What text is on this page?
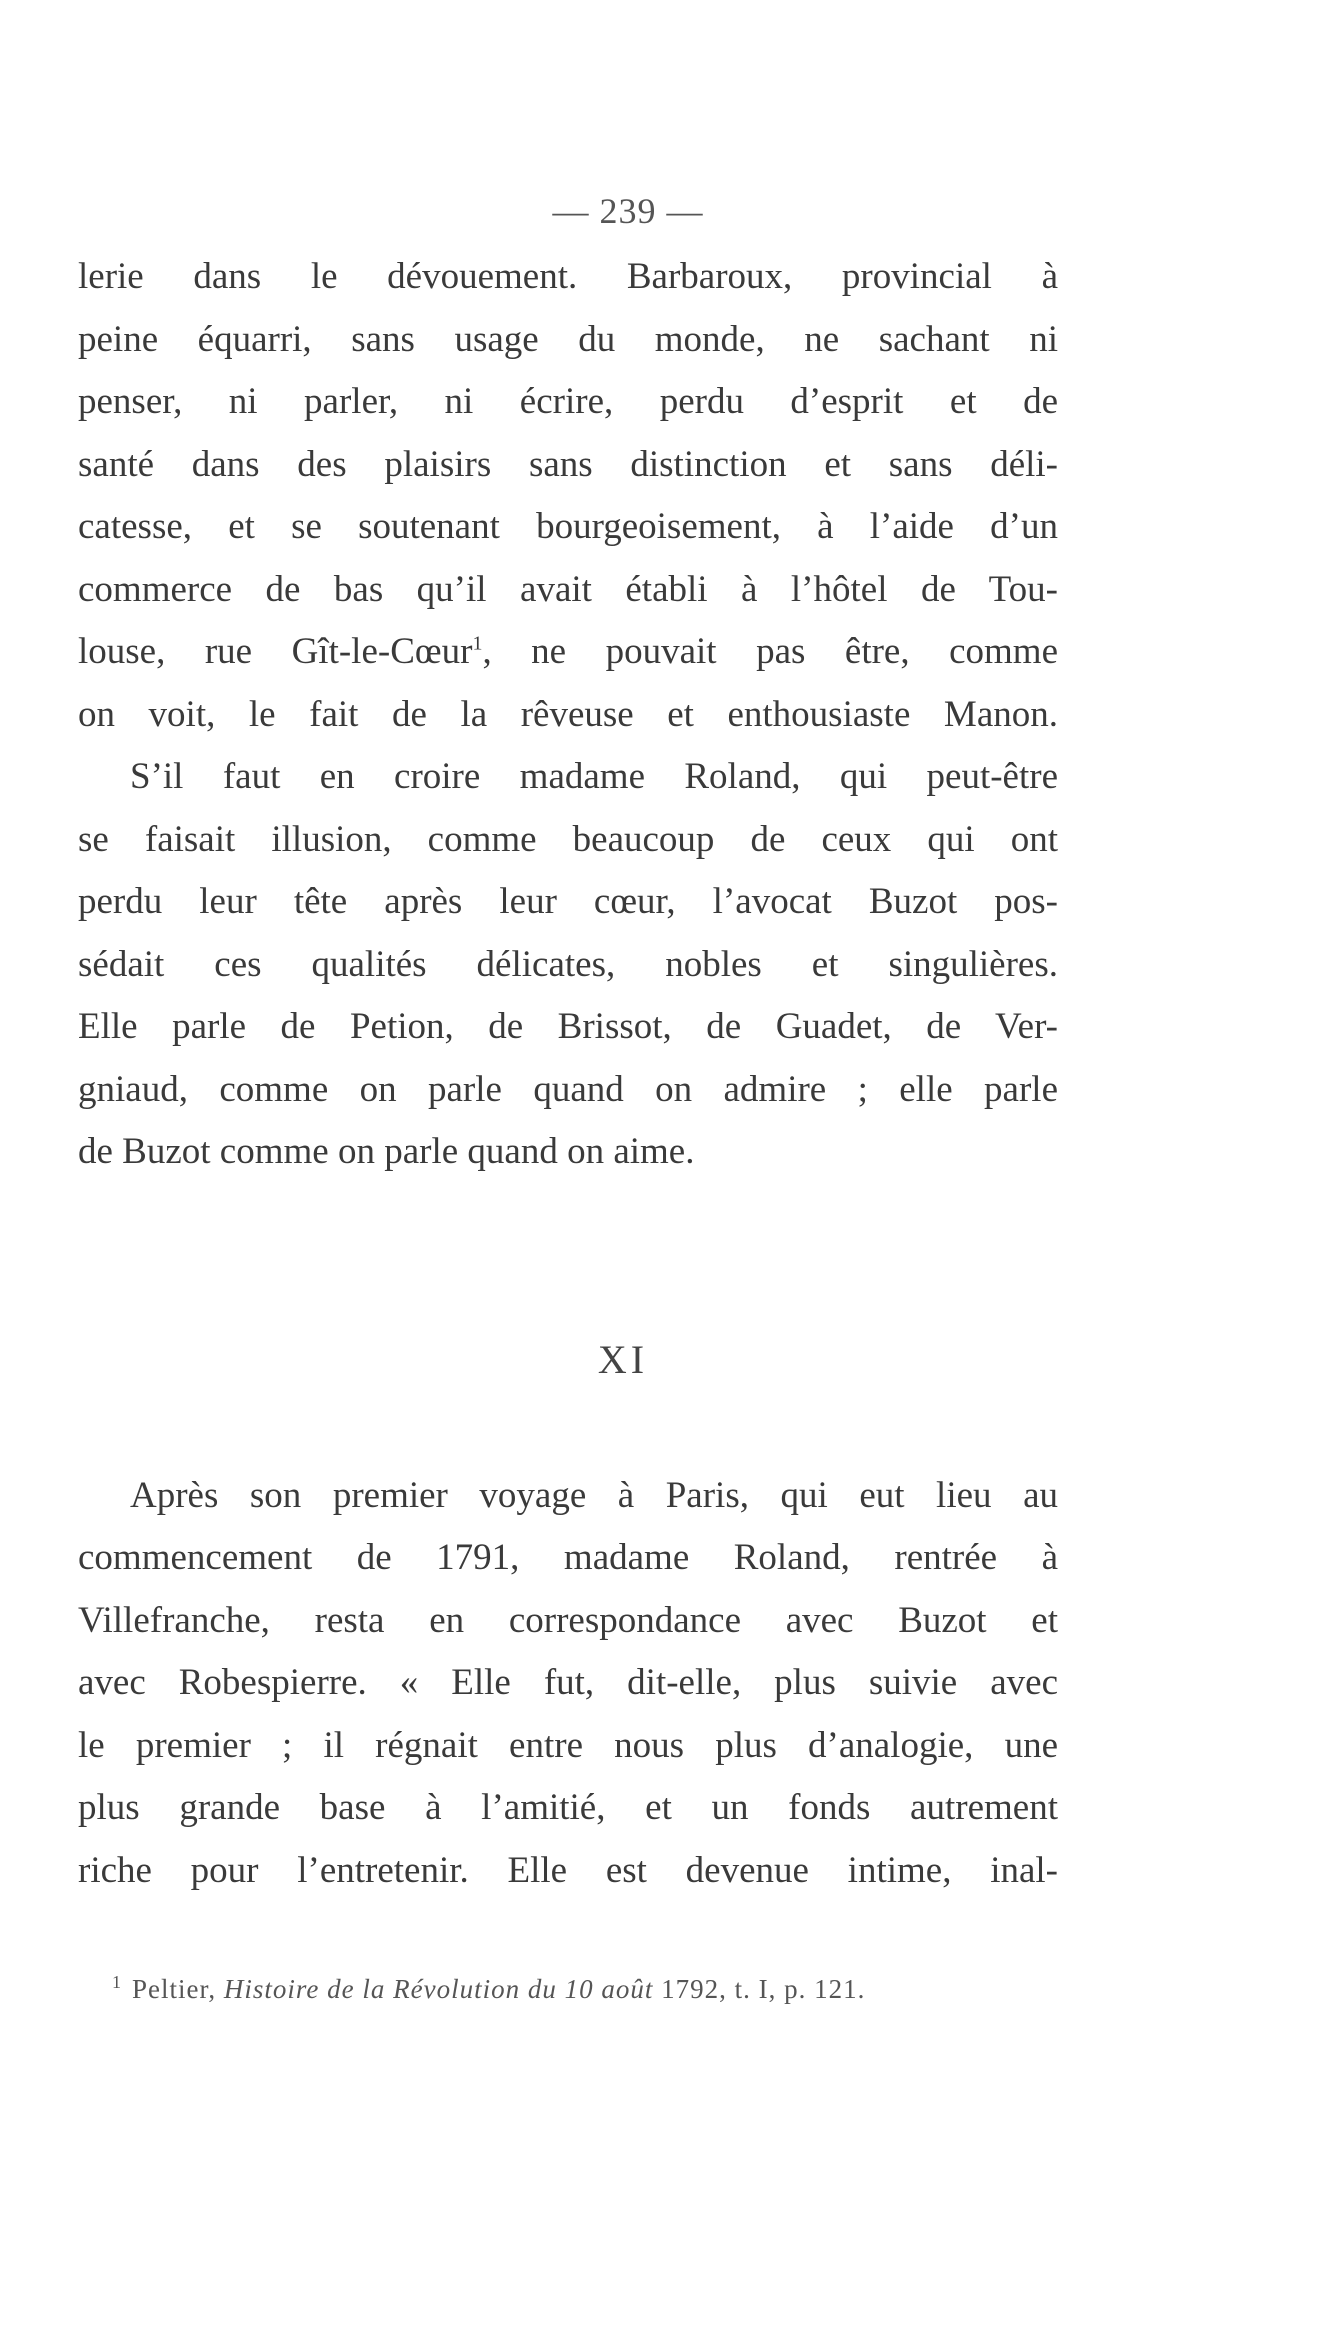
— 239 —

lerie dans le dévouement. Barbaroux, provincial à
peine équarri, sans usage du monde, ne sachant ni
penser, ni parler, ni écrire, perdu d’esprit et de
santé dans des plaisirs sans distinction et sans déli-
catesse, et se soutenant bourgeoisement, à l’aide d’un
commerce de bas qu’il avait établi à l’hôtel de Tou-
louse, rue Gît-le-Cœur$^1$, ne pouvait pas être, comme
on voit, le fait de la rêveuse et enthousiaste Manon.

S’il faut en croire madame Roland, qui peut-être
se faisait illusion, comme beaucoup de ceux qui ont
perdu leur tête après leur cœur, l’avocat Buzot pos-
sédait ces qualités délicates, nobles et singulières.
Elle parle de Petion, de Brissot, de Guadet, de Ver-
gniaud, comme on parle quand on admire ; elle parle
de Buzot comme on parle quand on aime.

XI

Après son premier voyage à Paris, qui eut lieu au
commencement de 1791, madame Roland, rentrée à
Villefranche, resta en correspondance avec Buzot et
avec Robespierre. « Elle fut, dit-elle, plus suivie avec
le premier ; il régnait entre nous plus d’analogie, une
plus grande base à l’amitié, et un fonds autrement
riche pour l’entretenir. Elle est devenue intime, inal-

$^1$ Peltier, Histoire de la Révolution du 10 août 1792, t. I, p. 121.
